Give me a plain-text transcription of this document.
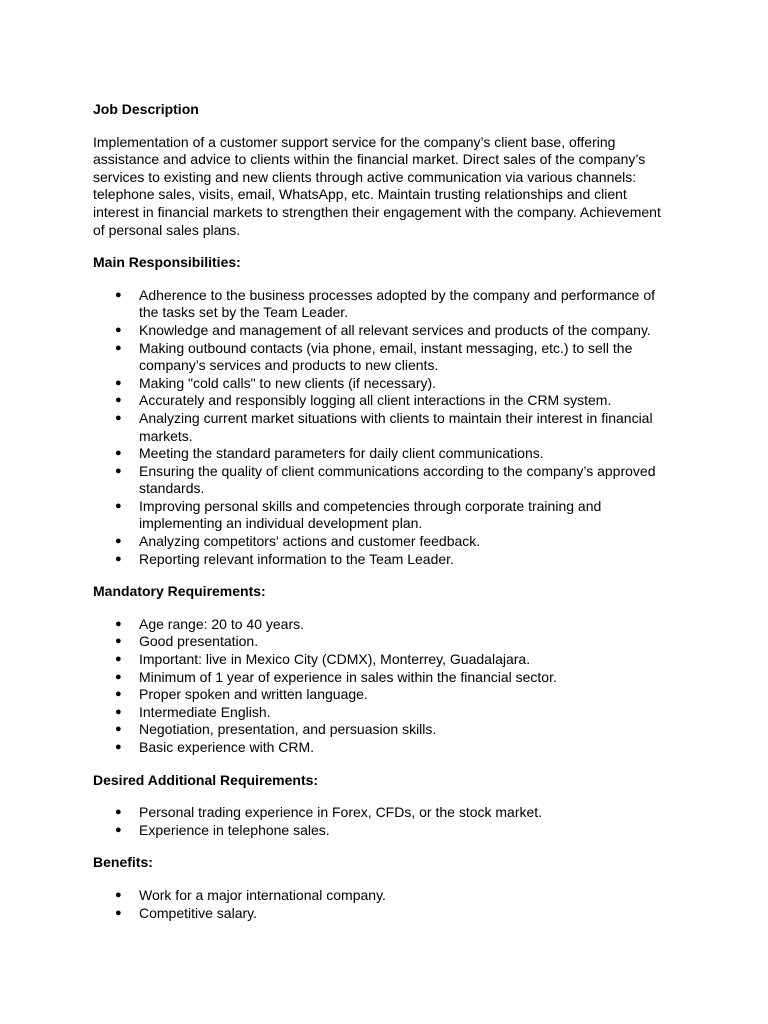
Job Description

Implementation of a customer support service for the company’s client base, offering assistance and advice to clients within the financial market. Direct sales of the company’s services to existing and new clients through active communication via various channels: telephone sales, visits, email, WhatsApp, etc. Maintain trusting relationships and client interest in financial markets to strengthen their engagement with the company. Achievement of personal sales plans.

Main Responsibilities:

● Adherence to the business processes adopted by the company and performance of the tasks set by the Team Leader.
● Knowledge and management of all relevant services and products of the company.
● Making outbound contacts (via phone, email, instant messaging, etc.) to sell the company’s services and products to new clients.
● Making "cold calls" to new clients (if necessary).
● Accurately and responsibly logging all client interactions in the CRM system.
● Analyzing current market situations with clients to maintain their interest in financial markets.
● Meeting the standard parameters for daily client communications.
● Ensuring the quality of client communications according to the company’s approved standards.
● Improving personal skills and competencies through corporate training and implementing an individual development plan.
● Analyzing competitors' actions and customer feedback.
● Reporting relevant information to the Team Leader.

Mandatory Requirements:

● Age range: 20 to 40 years.
● Good presentation.
● Important: live in Mexico City (CDMX), Monterrey, Guadalajara.
● Minimum of 1 year of experience in sales within the financial sector.
● Proper spoken and written language.
● Intermediate English.
● Negotiation, presentation, and persuasion skills.
● Basic experience with CRM.

Desired Additional Requirements:

● Personal trading experience in Forex, CFDs, or the stock market.
● Experience in telephone sales.

Benefits:

● Work for a major international company.
● Competitive salary.
